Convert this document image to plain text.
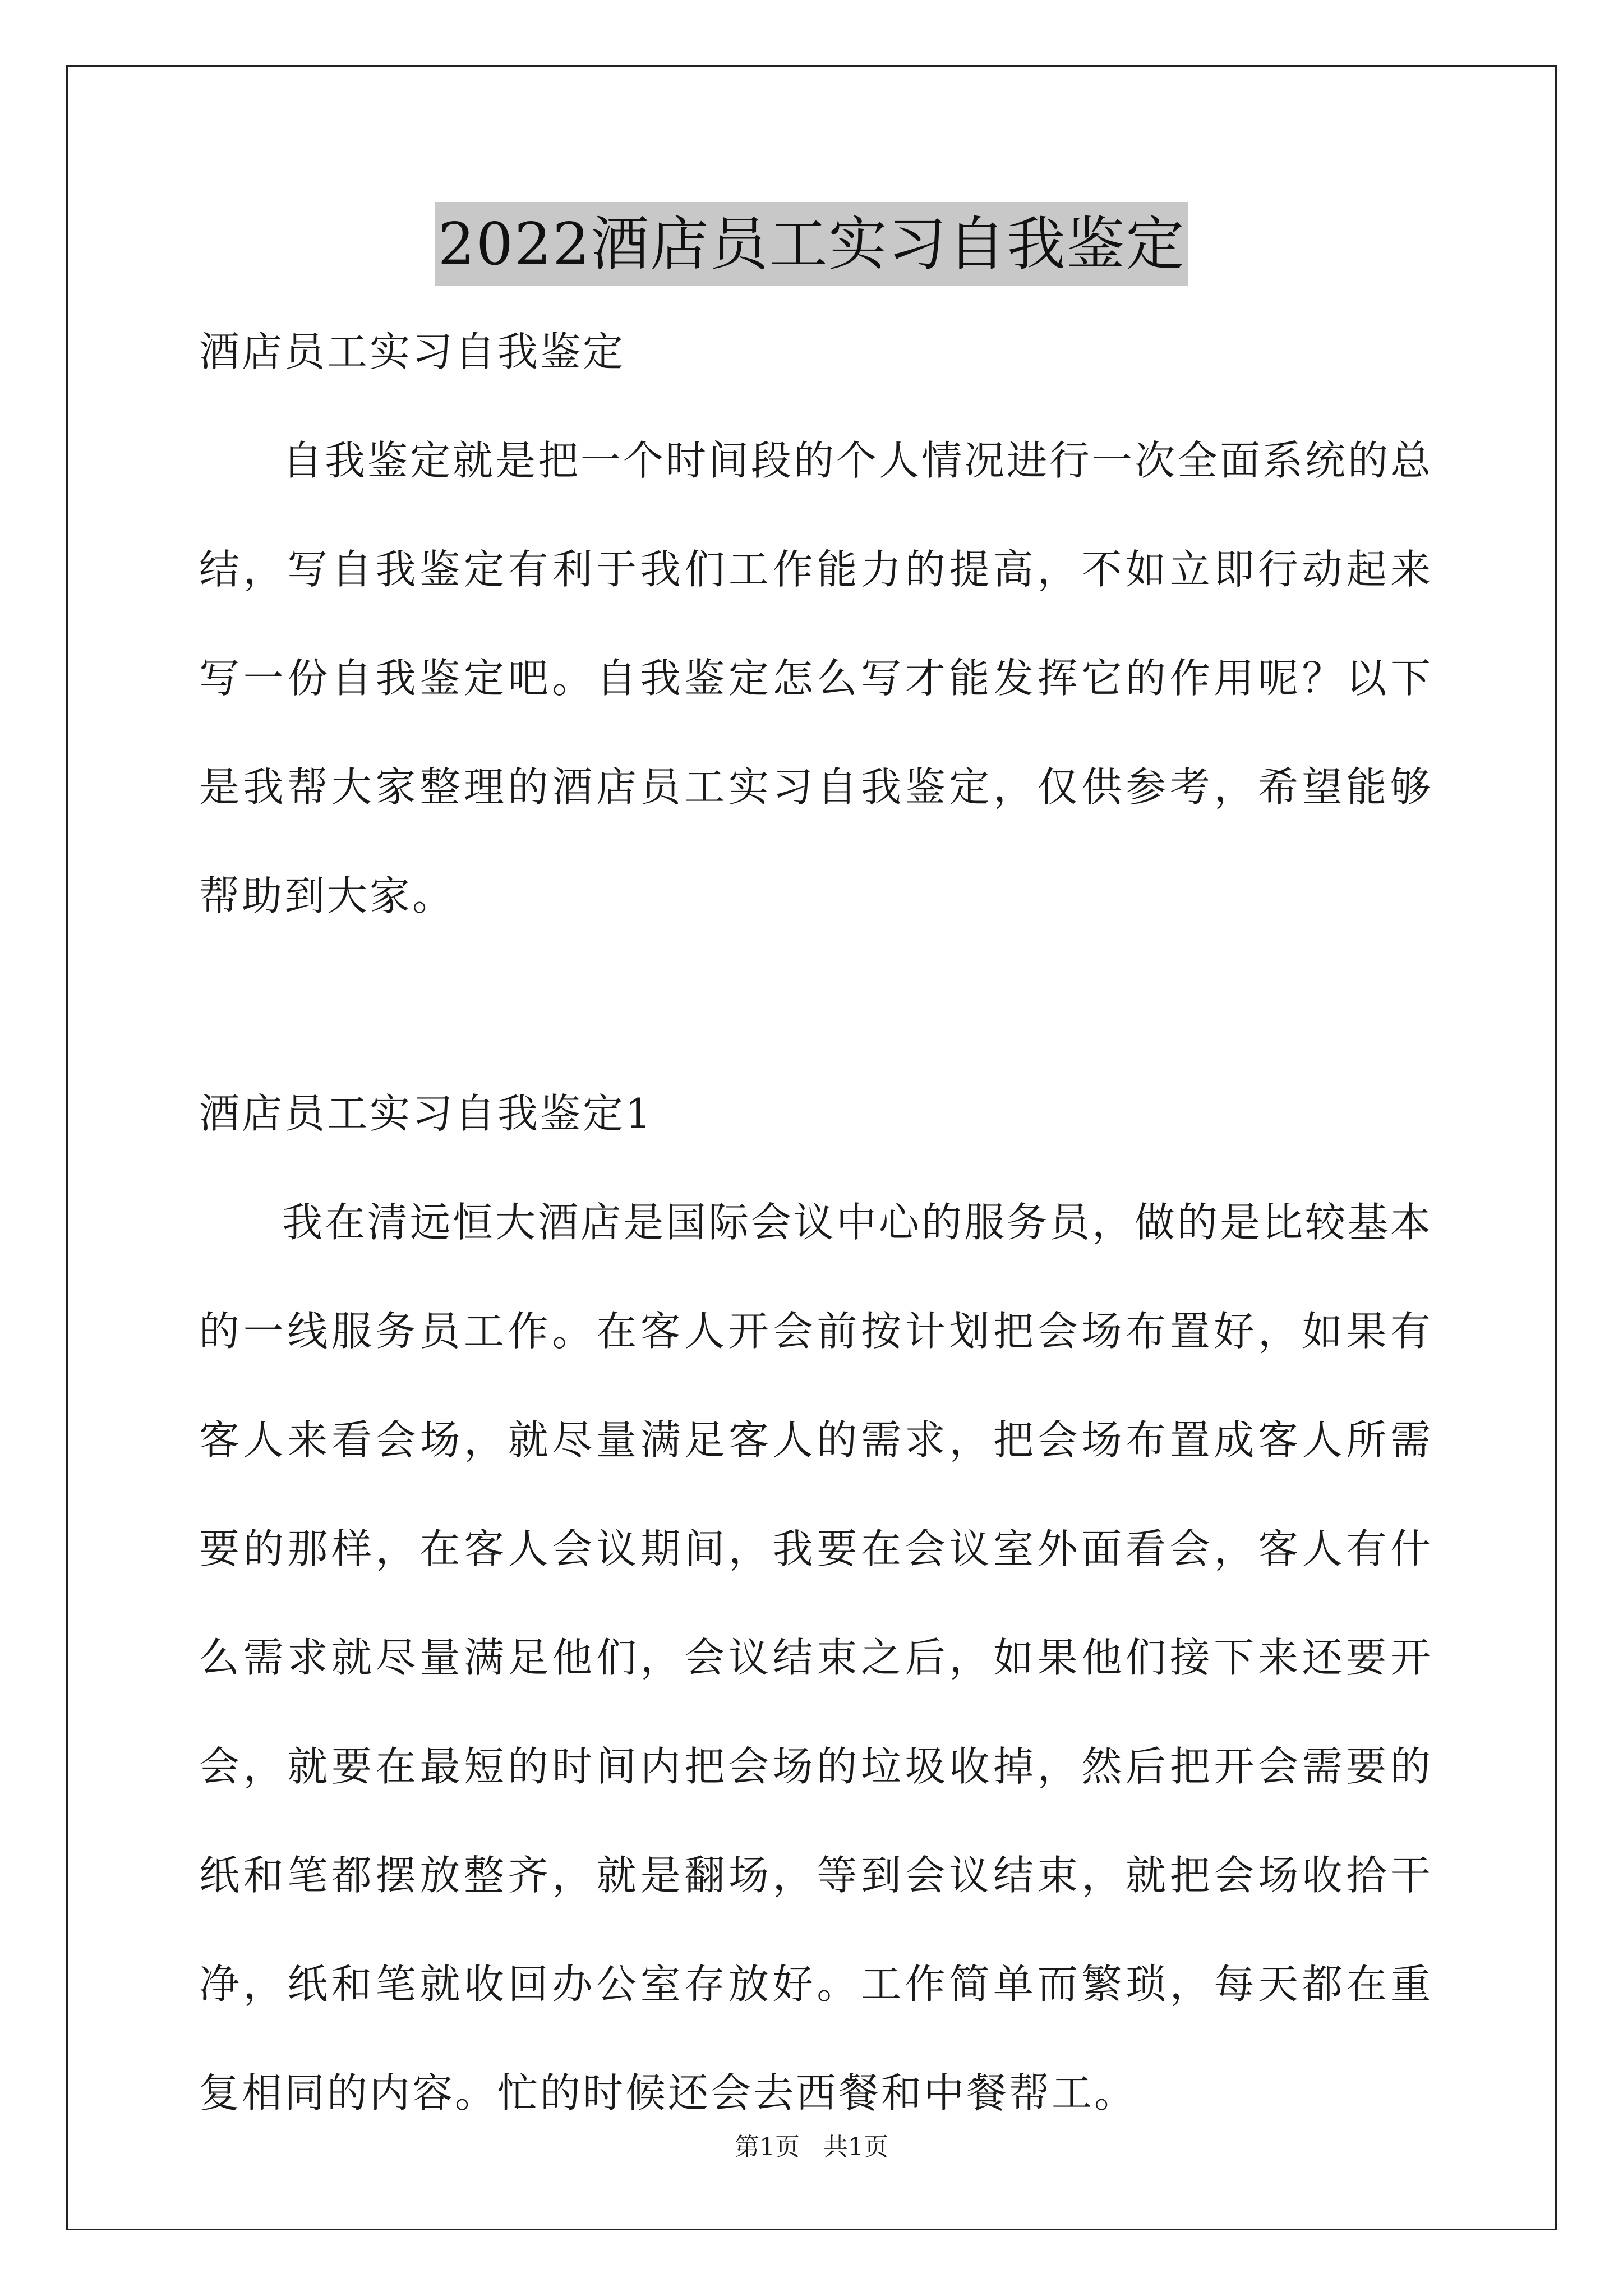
2022酒店员工实习自我鉴定

酒店员工实习自我鉴定

自我鉴定就是把一个时间段的个人情况进行一次全面系统的总结，写自我鉴定有利于我们工作能力的提高，不如立即行动起来写一份自我鉴定吧。自我鉴定怎么写才能发挥它的作用呢？以下是我帮大家整理的酒店员工实习自我鉴定，仅供参考，希望能够帮助到大家。

酒店员工实习自我鉴定1

我在清远恒大酒店是国际会议中心的服务员，做的是比较基本的一线服务员工作。在客人开会前按计划把会场布置好，如果有客人来看会场，就尽量满足客人的需求，把会场布置成客人所需要的那样，在客人会议期间，我要在会议室外面看会，客人有什么需求就尽量满足他们，会议结束之后，如果他们接下来还要开会，就要在最短的时间内把会场的垃圾收掉，然后把开会需要的纸和笔都摆放整齐，就是翻场，等到会议结束，就把会场收拾干净，纸和笔就收回办公室存放好。工作简单而繁琐，每天都在重复相同的内容。忙的时候还会去西餐和中餐帮工。

第1页   共1页
